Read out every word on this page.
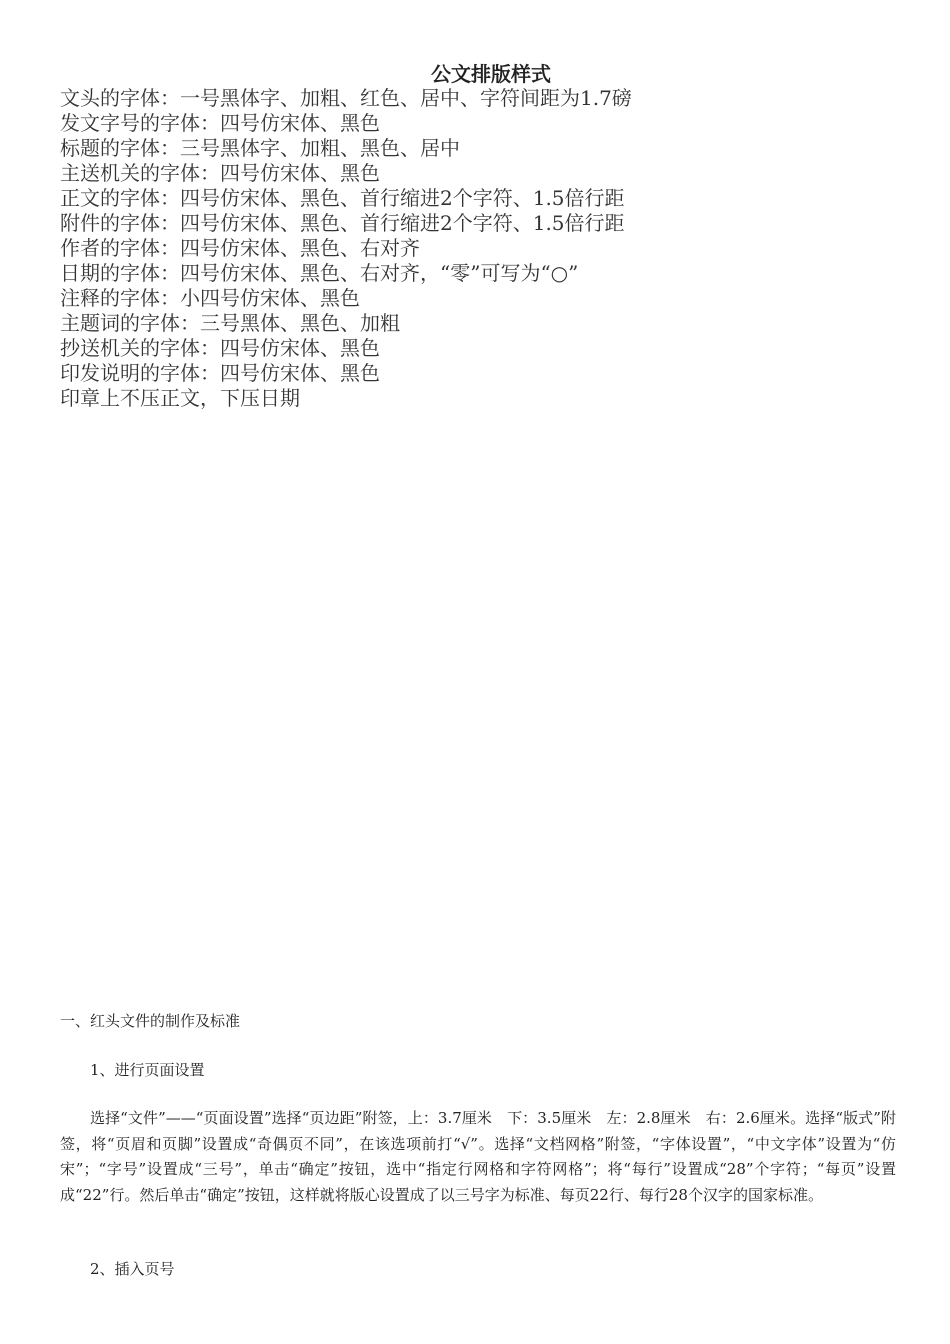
公文排版样式
文头的字体：一号黑体字、加粗、红色、居中、字符间距为1.7磅
发文字号的字体：四号仿宋体、黑色
标题的字体：三号黑体字、加粗、黑色、居中
主送机关的字体：四号仿宋体、黑色
正文的字体：四号仿宋体、黑色、首行缩进2个字符、1.5倍行距
附件的字体：四号仿宋体、黑色、首行缩进2个字符、1.5倍行距
作者的字体：四号仿宋体、黑色、右对齐
日期的字体：四号仿宋体、黑色、右对齐，“零”可写为“○”
注释的字体：小四号仿宋体、黑色
主题词的字体：三号黑体、黑色、加粗
抄送机关的字体：四号仿宋体、黑色
印发说明的字体：四号仿宋体、黑色
印章上不压正文，下压日期
一、红头文件的制作及标准
1、进行页面设置
选择“文件”——“页面设置”选择“页边距”附签，上：3.7厘米　下：3.5厘米　左：2.8厘米　右：2.6厘米。选择“版式”附签，将“页眉和页脚”设置成“奇偶页不同”，在该选项前打“√”。选择“文档网格”附签，“字体设置”，“中文字体”设置为“仿宋”；“字号”设置成“三号”，单击“确定”按钮，选中“指定行网格和字符网格”；将“每行”设置成“28”个字符；“每页”设置成“22”行。然后单击“确定”按钮，这样就将版心设置成了以三号字为标准、每页22行、每行28个汉字的国家标准。
2、插入页号
